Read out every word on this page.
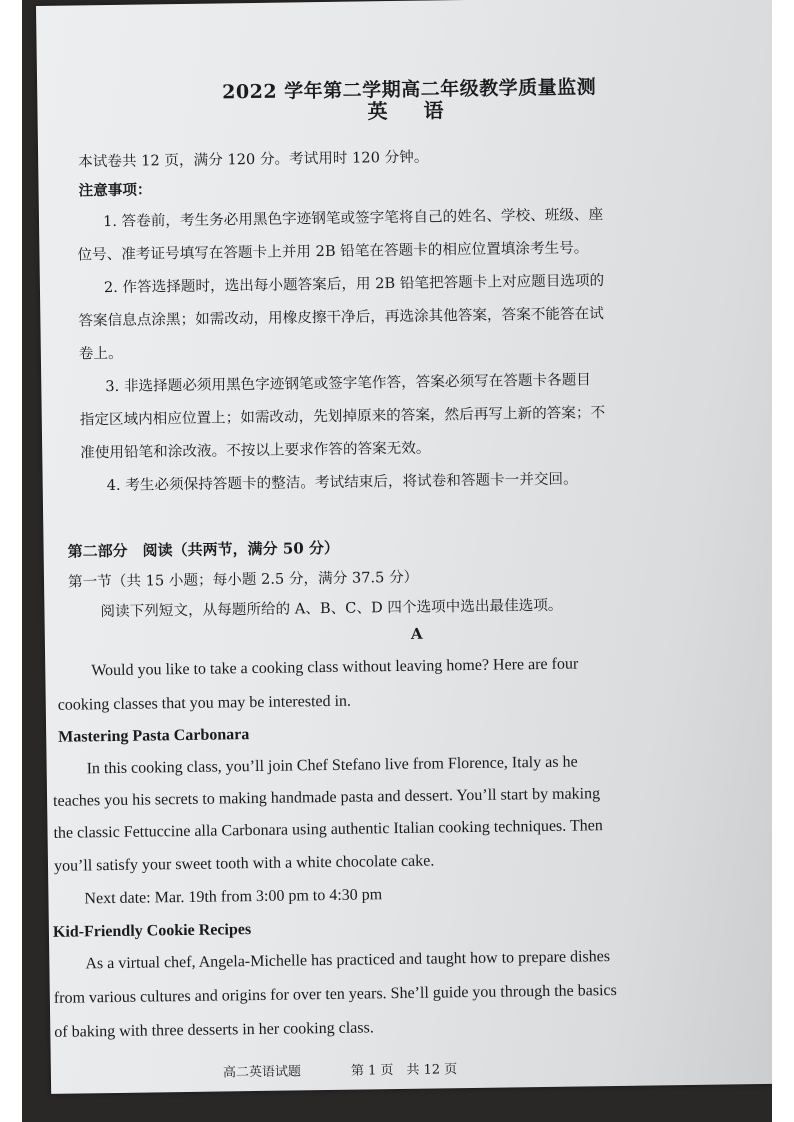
2022 学年第二学期高二年级教学质量监测
英　语
本试卷共 12 页，满分 120 分。考试用时 120 分钟。
注意事项：
1. 答卷前，考生务必用黑色字迹钢笔或签字笔将自己的姓名、学校、班级、座
位号、准考证号填写在答题卡上并用 2B 铅笔在答题卡的相应位置填涂考生号。
2. 作答选择题时，选出每小题答案后，用 2B 铅笔把答题卡上对应题目选项的
答案信息点涂黑；如需改动，用橡皮擦干净后，再选涂其他答案，答案不能答在试
卷上。
3. 非选择题必须用黑色字迹钢笔或签字笔作答，答案必须写在答题卡各题目
指定区域内相应位置上；如需改动，先划掉原来的答案，然后再写上新的答案；不
准使用铅笔和涂改液。不按以上要求作答的答案无效。
4. 考生必须保持答题卡的整洁。考试结束后，将试卷和答题卡一并交回。
第二部分　阅读（共两节，满分 50 分）
第一节（共 15 小题；每小题 2.5 分，满分 37.5 分）
阅读下列短文，从每题所给的 A、B、C、D 四个选项中选出最佳选项。
A
Would you like to take a cooking class without leaving home? Here are four
cooking classes that you may be interested in.
Mastering Pasta Carbonara
In this cooking class, you’ll join Chef Stefano live from Florence, Italy as he
teaches you his secrets to making handmade pasta and dessert. You’ll start by making
the classic Fettuccine alla Carbonara using authentic Italian cooking techniques. Then
you’ll satisfy your sweet tooth with a white chocolate cake.
Next date: Mar. 19th from 3:00 pm to 4:30 pm
Kid-Friendly Cookie Recipes
As a virtual chef, Angela-Michelle has practiced and taught how to prepare dishes
from various cultures and origins for over ten years. She’ll guide you through the basics
of baking with three desserts in her cooking class.
高二英语试题	第 1 页　共 12 页
